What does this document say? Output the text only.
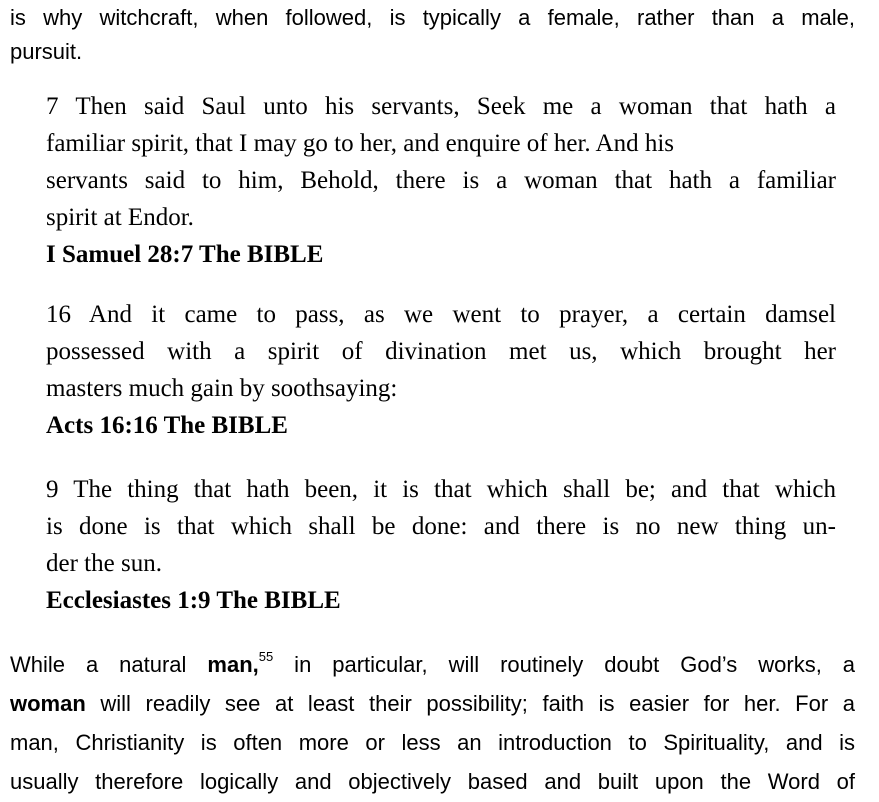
is why witchcraft, when followed, is typically a female, rather than a male,
pursuit.
7 Then said Saul unto his servants, Seek me a woman that hath a
familiar spirit, that I may go to her, and enquire of her. And his
servants said to him, Behold, there is a woman that hath a familiar
spirit at Endor.
I Samuel 28:7 The BIBLE
16 And it came to pass, as we went to prayer, a certain damsel
possessed with a spirit of divination met us, which brought her
masters much gain by soothsaying:
Acts 16:16 The BIBLE
9 The thing that hath been, it is that which shall be; and that which
is done is that which shall be done: and there is no new thing un-
der the sun.
Ecclesiastes 1:9 The BIBLE
While a natural man,$^{55}$ in particular, will routinely doubt God’s works, a
woman will readily see at least their possibility; faith is easier for her. For a
man, Christianity is often more or less an introduction to Spirituality, and is
usually therefore logically and objectively based and built upon the Word of
